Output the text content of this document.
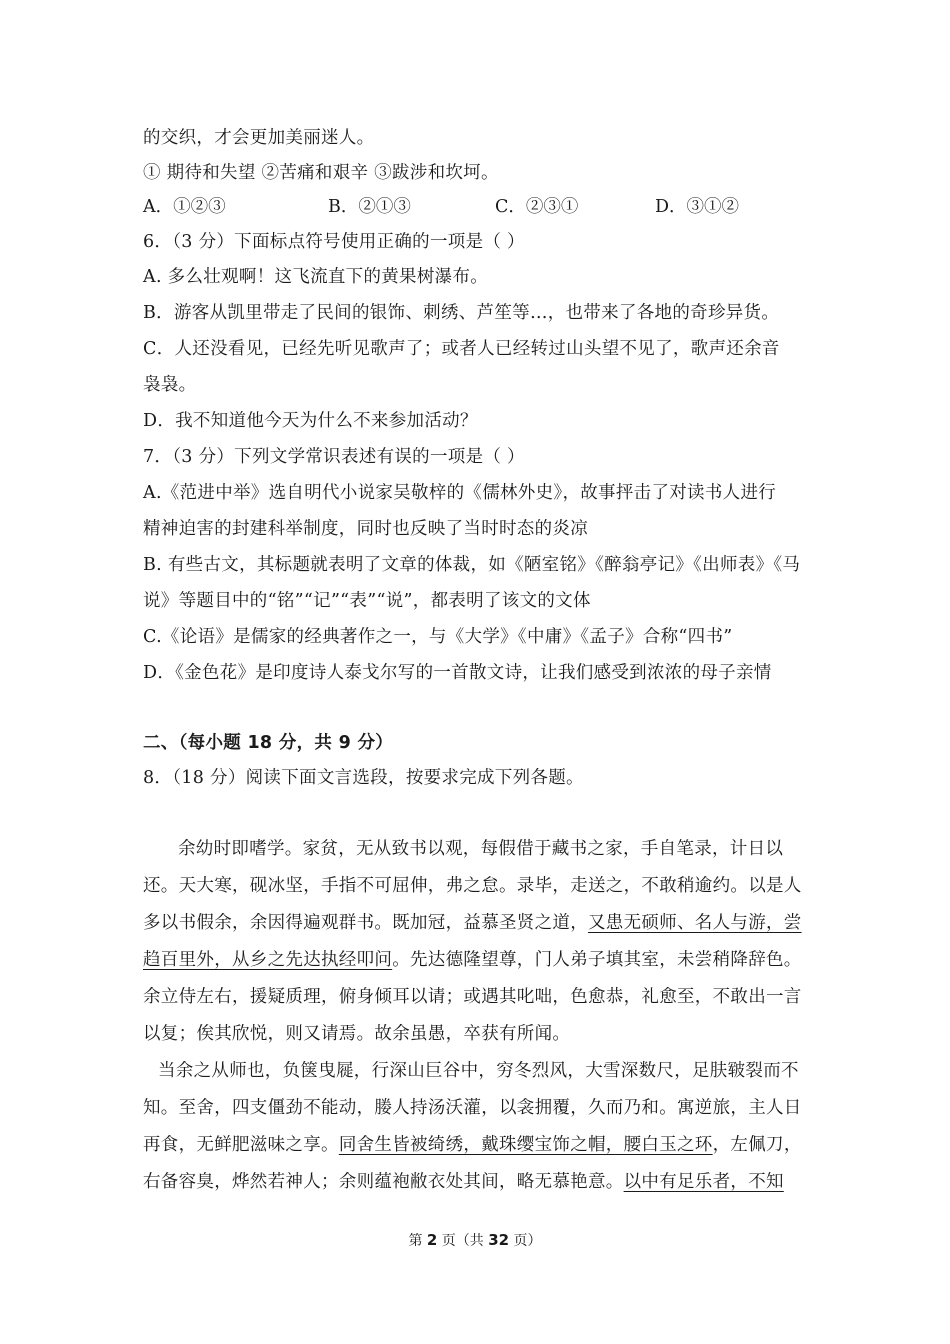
的交织，才会更加美丽迷人。
① 期待和失望 ②苦痛和艰辛 ③跋涉和坎坷。
A．①②③	B．②①③	C．②③①	D．③①②
6．（3 分）下面标点符号使用正确的一项是（ ）
A. 多么壮观啊！这飞流直下的黄果树瀑布。
B．游客从凯里带走了民间的银饰、刺绣、芦笙等…，也带来了各地的奇珍异货。
C．人还没看见，已经先听见歌声了；或者人已经转过山头望不见了，歌声还余音
袅袅。
D．我不知道他今天为什么不来参加活动？
7．（3 分）下列文学常识表述有误的一项是（ ）
A.《范进中举》选自明代小说家吴敬梓的《儒林外史》，故事抨击了对读书人进行
精神迫害的封建科举制度，同时也反映了当时时态的炎凉
B. 有些古文，其标题就表明了文章的体裁，如《陋室铭》《醉翁亭记》《出师表》《马
说》等题目中的“铭”“记”“表”“说”，都表明了该文的文体
C.《论语》是儒家的经典著作之一，与《大学》《中庸》《孟子》合称“四书”
D．《金色花》是印度诗人泰戈尔写的一首散文诗，让我们感受到浓浓的母子亲情
二、（每小题 18 分，共 9 分）
8．（18 分）阅读下面文言选段，按要求完成下列各题。
余幼时即嗜学。家贫，无从致书以观，每假借于藏书之家，手自笔录，计日以
还。天大寒，砚冰坚，手指不可屈伸，弗之怠。录毕，走送之，不敢稍逾约。以是人
多以书假余，余因得遍观群书。既加冠，益慕圣贤之道，又患无硕师、名人与游，尝
趋百里外，从乡之先达执经叩问。先达德隆望尊，门人弟子填其室，未尝稍降辞色。
余立侍左右，援疑质理，俯身倾耳以请；或遇其叱咄，色愈恭，礼愈至，不敢出一言
以复；俟其欣悦，则又请焉。故余虽愚，卒获有所闻。
当余之从师也，负箧曳屣，行深山巨谷中，穷冬烈风，大雪深数尺，足肤皲裂而不
知。至舍，四支僵劲不能动，媵人持汤沃灌，以衾拥覆，久而乃和。寓逆旅，主人日
再食，无鲜肥滋味之享。同舍生皆被绮绣，戴珠缨宝饰之帽，腰白玉之环，左佩刀，
右备容臭，烨然若神人；余则蕴袍敝衣处其间，略无慕艳意。以中有足乐者，不知
第 2 页（共 32 页）
